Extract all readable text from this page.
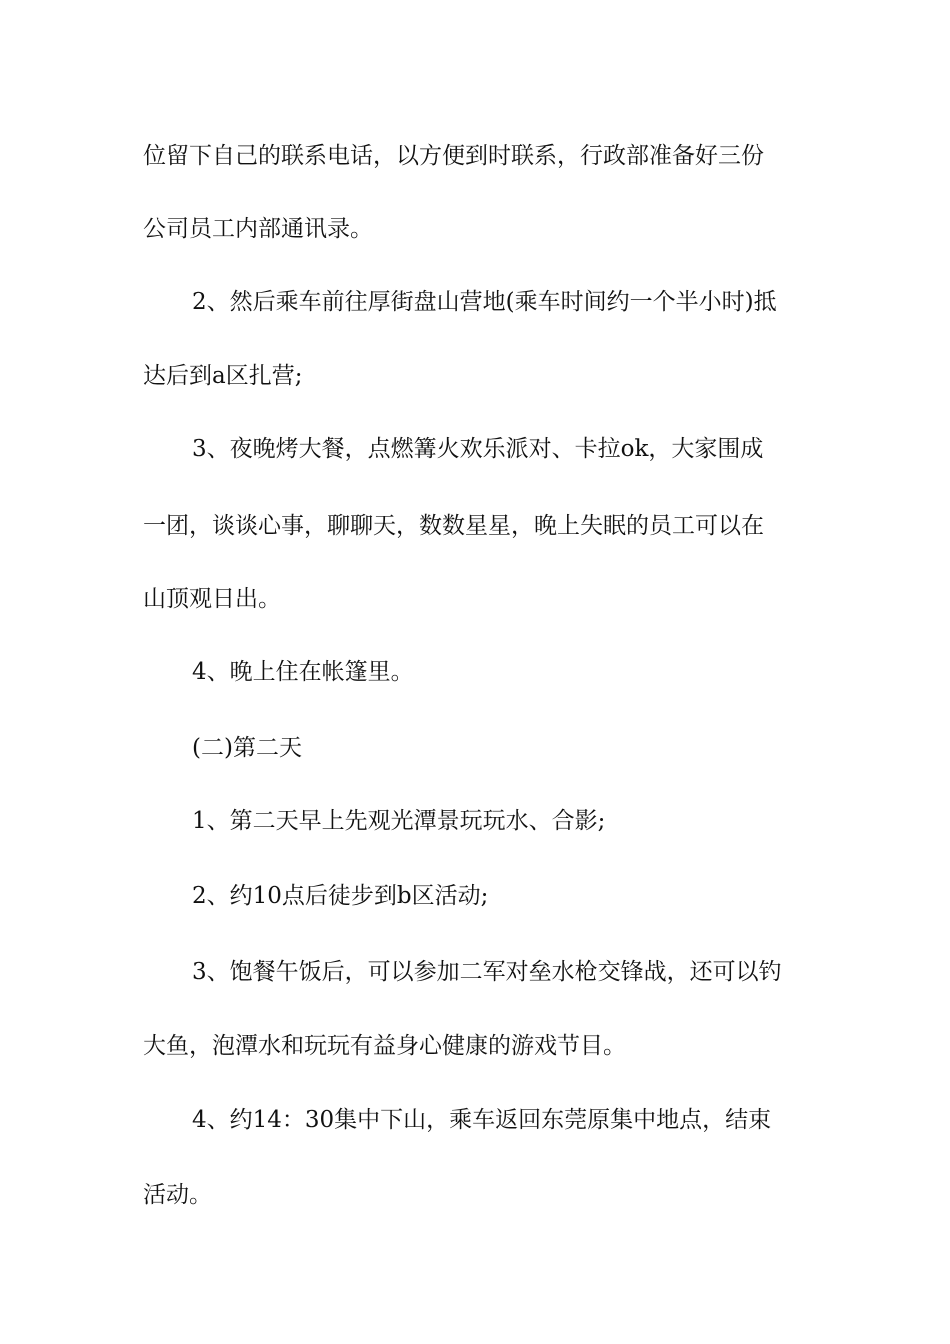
位留下自己的联系电话，以方便到时联系，行政部准备好三份
公司员工内部通讯录。
2、然后乘车前往厚街盘山营地(乘车时间约一个半小时)抵
达后到a区扎营;
3、夜晚烤大餐，点燃篝火欢乐派对、卡拉ok，大家围成
一团，谈谈心事，聊聊天，数数星星，晚上失眠的员工可以在
山顶观日出。
4、晚上住在帐篷里。
(二)第二天
1、第二天早上先观光潭景玩玩水、合影;
2、约10点后徒步到b区活动;
3、饱餐午饭后，可以参加二军对垒水枪交锋战，还可以钓
大鱼，泡潭水和玩玩有益身心健康的游戏节目。
4、约14：30集中下山，乘车返回东莞原集中地点，结束
活动。
